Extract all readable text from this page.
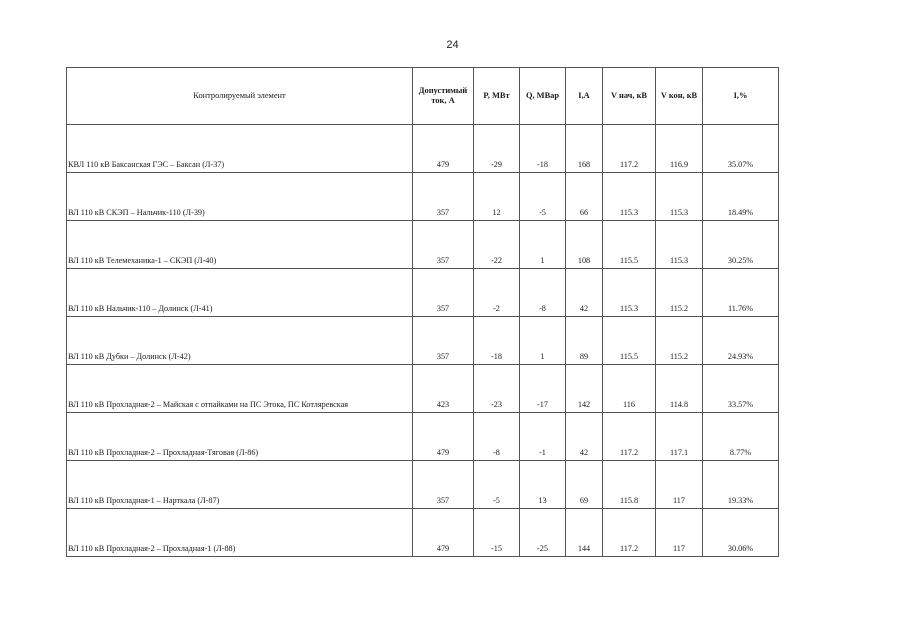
24
Контролируемый элемент	Допустимый ток, А	P, МВт	Q, МВар	I,A	V нач, кВ	V кон, кВ	I,%
КВЛ 110 кВ Баксанская ГЭС – Баксан (Л-37)	479	-29	-18	168	117.2	116.9	35.07%
ВЛ 110 кВ СКЭП – Нальчик-110 (Л-39)	357	12	-5	66	115.3	115.3	18.49%
ВЛ 110 кВ Телемеханика-1 – СКЭП (Л-40)	357	-22	1	108	115.5	115.3	30.25%
ВЛ 110 кВ Нальчик-110 – Долинск (Л-41)	357	-2	-8	42	115.3	115.2	11.76%
ВЛ 110 кВ Дубки – Долинск (Л-42)	357	-18	1	89	115.5	115.2	24.93%
ВЛ 110 кВ Прохладная-2 – Майская с отпайками на ПС Этока, ПС Котляревская	423	-23	-17	142	116	114.8	33.57%
ВЛ 110 кВ Прохладная-2 – Прохладная-Тяговая (Л-86)	479	-8	-1	42	117.2	117.1	8.77%
ВЛ 110 кВ Прохладная-1 – Нарткала (Л-87)	357	-5	13	69	115.8	117	19.33%
ВЛ 110 кВ Прохладная-2 – Прохладная-1 (Л-88)	479	-15	-25	144	117.2	117	30.06%
